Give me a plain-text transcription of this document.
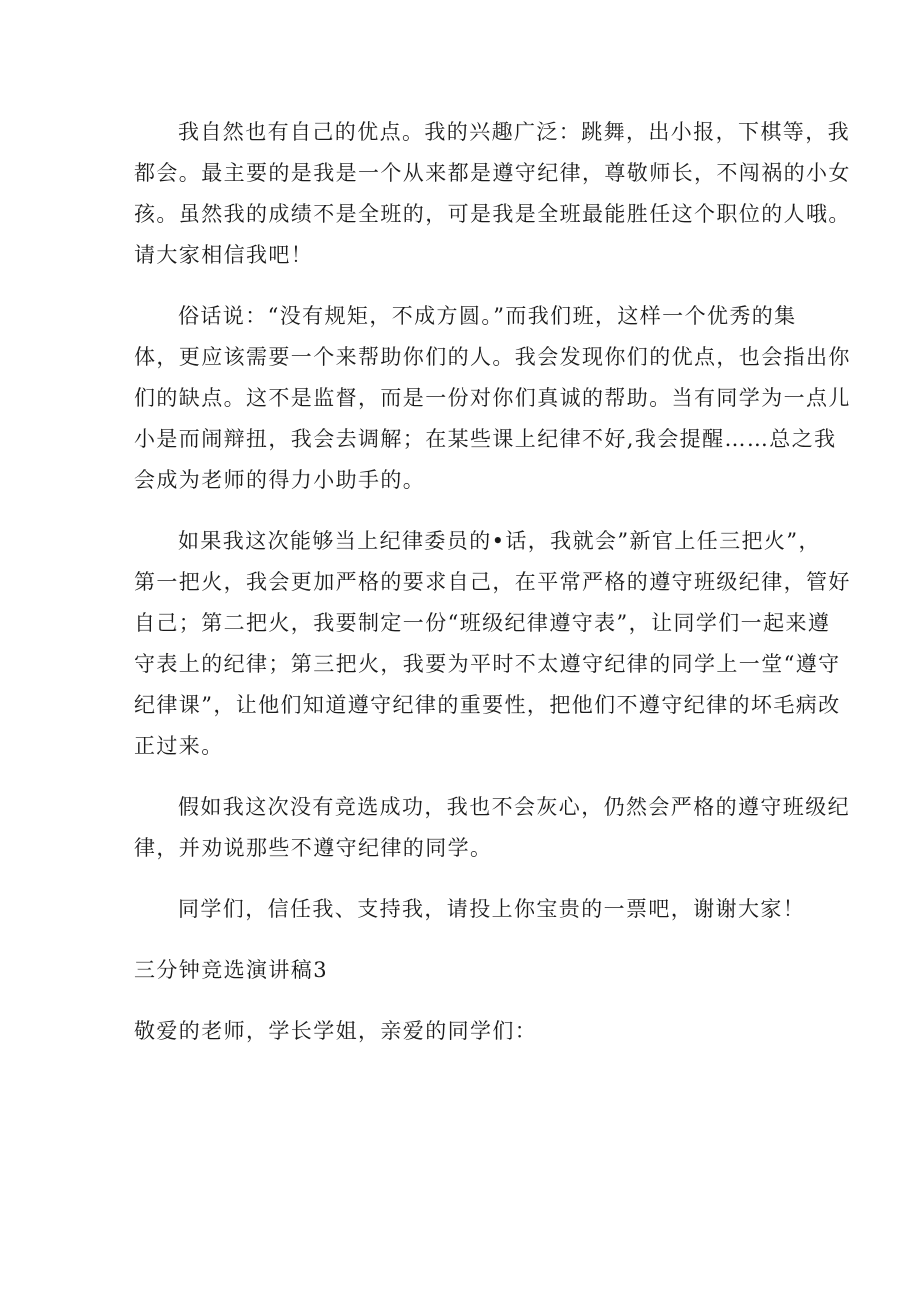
我自然也有自己的优点。我的兴趣广泛：跳舞，出小报，下棋等，我
都会。最主要的是我是一个从来都是遵守纪律，尊敬师长，不闯祸的小女
孩。虽然我的成绩不是全班的，可是我是全班最能胜任这个职位的人哦。
请大家相信我吧！
俗话说：“没有规矩，不成方圆。”而我们班，这样一个优秀的集
体，更应该需要一个来帮助你们的人。我会发现你们的优点，也会指出你
们的缺点。这不是监督，而是一份对你们真诚的帮助。当有同学为一点儿
小是而闹辩扭，我会去调解；在某些课上纪律不好,我会提醒……总之我
会成为老师的得力小助手的。
如果我这次能够当上纪律委员的•话，我就会”新官上任三把火”，
第一把火，我会更加严格的要求自己，在平常严格的遵守班级纪律，管好
自己；第二把火，我要制定一份“班级纪律遵守表”，让同学们一起来遵
守表上的纪律；第三把火，我要为平时不太遵守纪律的同学上一堂“遵守
纪律课”，让他们知道遵守纪律的重要性，把他们不遵守纪律的坏毛病改
正过来。
假如我这次没有竞选成功，我也不会灰心，仍然会严格的遵守班级纪
律，并劝说那些不遵守纪律的同学。
同学们，信任我、支持我，请投上你宝贵的一票吧，谢谢大家！
三分钟竞选演讲稿3
敬爱的老师，学长学姐，亲爱的同学们：
